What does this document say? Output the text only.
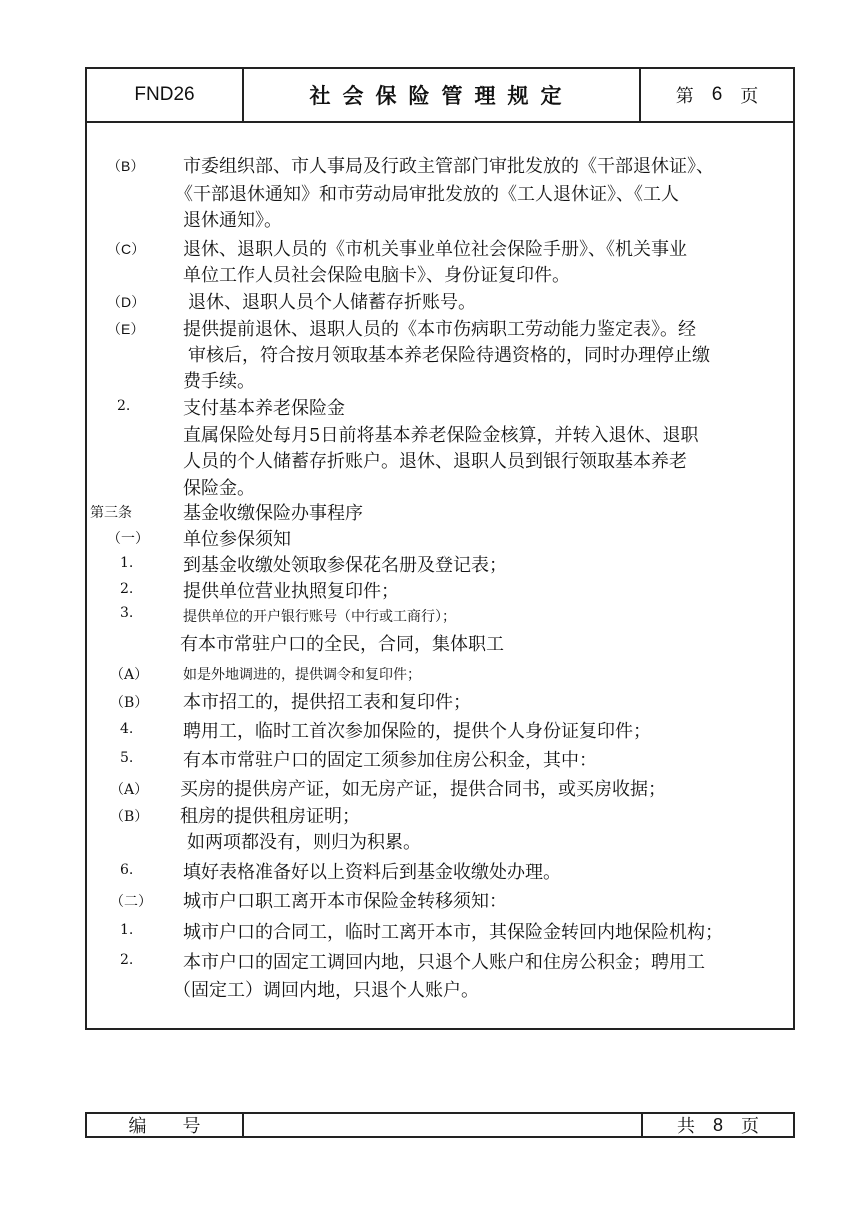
FND26	社会保险管理规定	第 6 页
（B） 市委组织部、市人事局及行政主管部门审批发放的《干部退休证》、
《干部退休通知》和市劳动局审批发放的《工人退休证》、《工人
退休通知》。
（C） 退休、退职人员的《市机关事业单位社会保险手册》、《机关事业
单位工作人员社会保险电脑卡》、身份证复印件。
（D） 退休、退职人员个人储蓄存折账号。
（E） 提供提前退休、退职人员的《本市伤病职工劳动能力鉴定表》。经
审核后，符合按月领取基本养老保险待遇资格的，同时办理停止缴
费手续。
2.	支付基本养老保险金
直属保险处每月5日前将基本养老保险金核算，并转入退休、退职
人员的个人储蓄存折账户。退休、退职人员到银行领取基本养老
保险金。
第三条	基金收缴保险办事程序
（一） 单位参保须知
1.	到基金收缴处领取参保花名册及登记表；
2.	提供单位营业执照复印件；
3.	提供单位的开户银行账号（中行或工商行）；
有本市常驻户口的全民，合同，集体职工
（A） 如是外地调进的，提供调令和复印件；
（B） 本市招工的，提供招工表和复印件；
4.	聘用工，临时工首次参加保险的，提供个人身份证复印件；
5.	有本市常驻户口的固定工须参加住房公积金，其中：
（A） 买房的提供房产证，如无房产证，提供合同书，或买房收据；
（B） 租房的提供租房证明；
如两项都没有，则归为积累。
6.	填好表格准备好以上资料后到基金收缴处办理。
（二） 城市户口职工离开本市保险金转移须知：
1.	城市户口的合同工，临时工离开本市，其保险金转回内地保险机构；
2.	本市户口的固定工调回内地，只退个人账户和住房公积金；聘用工
（固定工）调回内地，只退个人账户。
编 号	共 8 页
